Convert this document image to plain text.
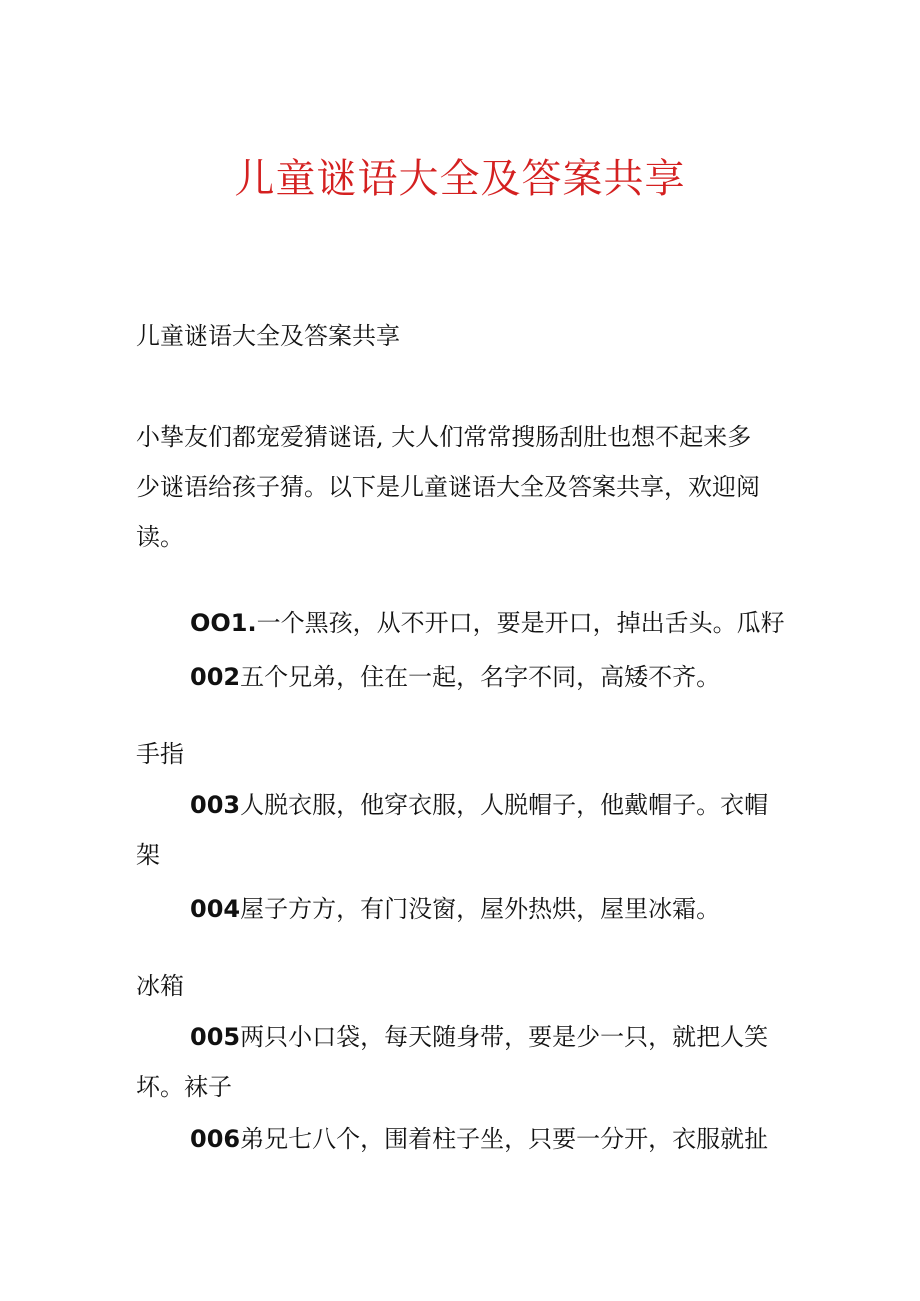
儿童谜语大全及答案共享
儿童谜语大全及答案共享
小挚友们都宠爱猜谜语, 大人们常常搜肠刮肚也想不起来多
少谜语给孩子猜。以下是儿童谜语大全及答案共享，欢迎阅
读。
OO1.一个黑孩，从不开口，要是开口，掉出舌头。瓜籽
002五个兄弟，住在一起，名字不同，高矮不齐。
手指
003人脱衣服，他穿衣服，人脱帽子，他戴帽子。衣帽
架
004屋子方方，有门没窗，屋外热烘，屋里冰霜。
冰箱
005两只小口袋，每天随身带，要是少一只，就把人笑
坏。袜子
006弟兄七八个，围着柱子坐，只要一分开，衣服就扯
